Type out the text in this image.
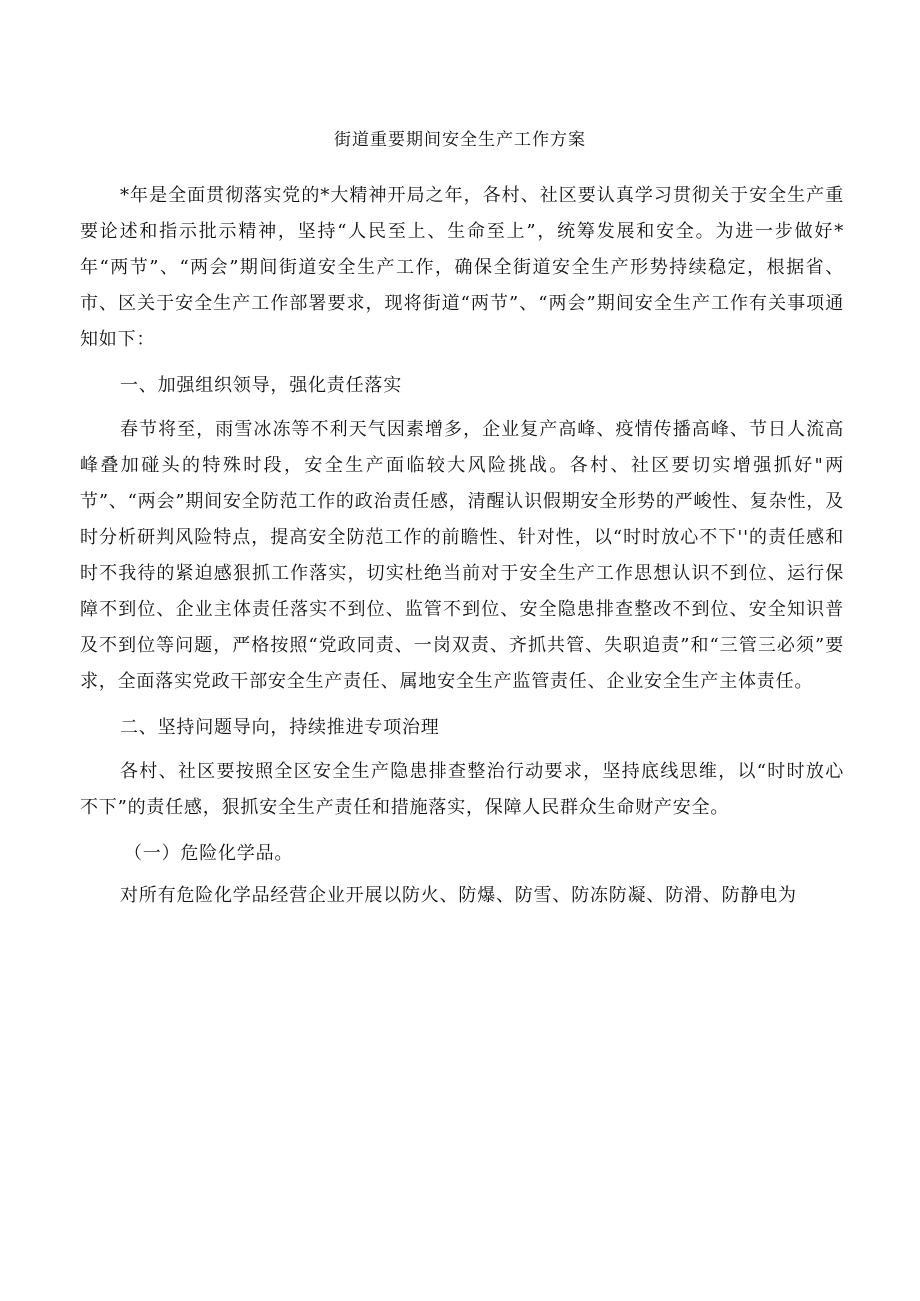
街道重要期间安全生产工作方案

*年是全面贯彻落实党的*大精神开局之年，各村、社区要认真学习贯彻关于安全生产重要论述和指示批示精神，坚持“人民至上、生命至上”，统筹发展和安全。为进一步做好*年“两节”、“两会”期间街道安全生产工作，确保全街道安全生产形势持续稳定，根据省、市、区关于安全生产工作部署要求，现将街道“两节”、“两会”期间安全生产工作有关事项通知如下：

一、加强组织领导，强化责任落实

春节将至，雨雪冰冻等不利天气因素增多，企业复产高峰、疫情传播高峰、节日人流高峰叠加碰头的特殊时段，安全生产面临较大风险挑战。各村、社区要切实增强抓好"两节”、“两会”期间安全防范工作的政治责任感，清醒认识假期安全形势的严峻性、复杂性，及时分析研判风险特点，提高安全防范工作的前瞻性、针对性，以“时时放心不下''的责任感和时不我待的紧迫感狠抓工作落实，切实杜绝当前对于安全生产工作思想认识不到位、运行保障不到位、企业主体责任落实不到位、监管不到位、安全隐患排查整改不到位、安全知识普及不到位等问题，严格按照“党政同责、一岗双责、齐抓共管、失职追责”和“三管三必须”要求，全面落实党政干部安全生产责任、属地安全生产监管责任、企业安全生产主体责任。

二、坚持问题导向，持续推进专项治理

各村、社区要按照全区安全生产隐患排查整治行动要求，坚持底线思维，以“时时放心不下”的责任感，狠抓安全生产责任和措施落实，保障人民群众生命财产安全。

（一）危险化学品。

对所有危险化学品经营企业开展以防火、防爆、防雪、防冻防凝、防滑、防静电为
